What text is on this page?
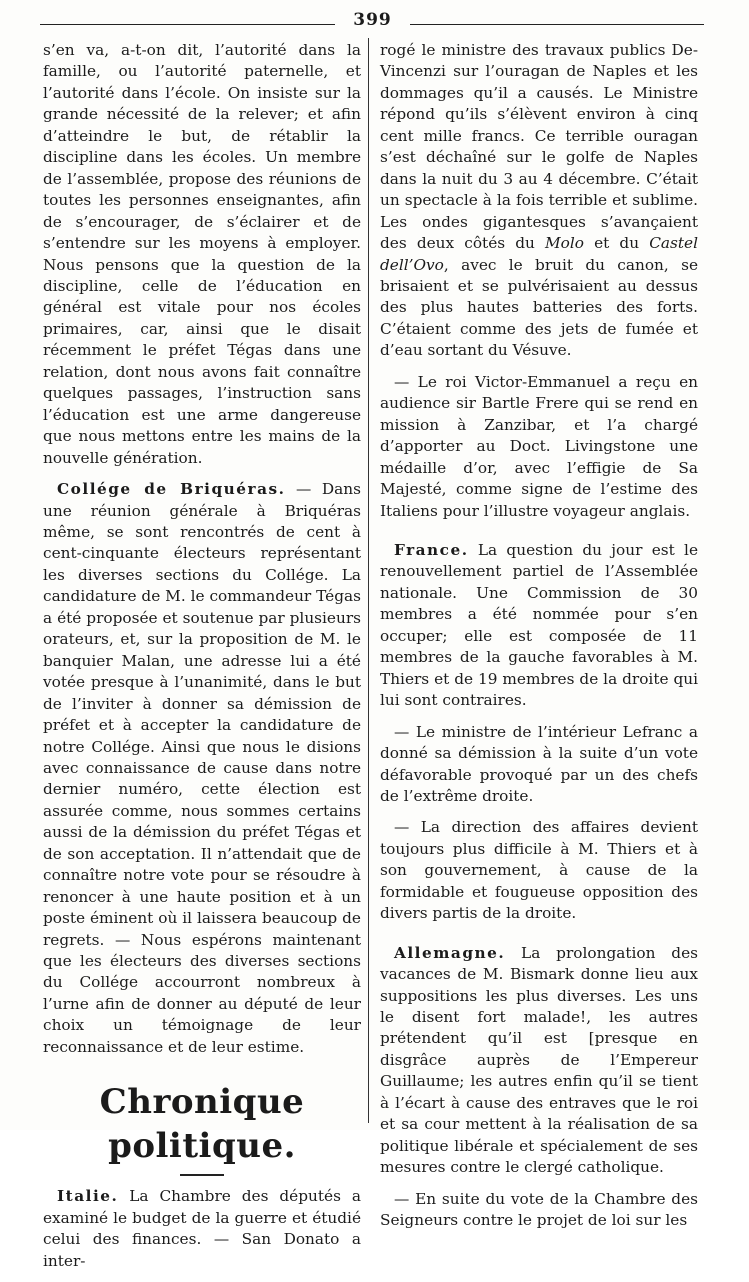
399

s’en va, a-t-on dit, l’autorité dans la famille, ou l’autorité paternelle, et l’autorité dans l’école. On insiste sur la grande nécessité de la relever; et afin d’atteindre le but, de rétablir la discipline dans les écoles. Un membre de l’assemblée, propose des réunions de toutes les personnes enseignantes, afin de s’encourager, de s’éclairer et de s’entendre sur les moyens à employer. Nous pensons que la question de la discipline, celle de l’éducation en général est vitale pour nos écoles primaires, car, ainsi que le disait récemment le préfet Tégas dans une relation, dont nous avons fait connaître quelques passages, l’instruction sans l’éducation est une arme dangereuse que nous mettons entre les mains de la nouvelle génération.

Collége de Briquéras. — Dans une réunion générale à Briquéras même, se sont rencontrés de cent à cent-cinquante électeurs représentant les diverses sections du Collége. La candidature de M. le commandeur Tégas a été proposée et soutenue par plusieurs orateurs, et, sur la proposition de M. le banquier Malan, une adresse lui a été votée presque à l’unanimité, dans le but de l’inviter à donner sa démission de préfet et à accepter la candidature de notre Collége. Ainsi que nous le disions avec connaissance de cause dans notre dernier numéro, cette élection est assurée comme, nous sommes certains aussi de la démission du préfet Tégas et de son acceptation. Il n’attendait que de connaître notre vote pour se résoudre à renoncer à une haute position et à un poste éminent où il laissera beaucoup de regrets. — Nous espérons maintenant que les électeurs des diverses sections du Collége accourront nombreux à l’urne afin de donner au député de leur choix un témoignage de leur reconnaissance et de leur estime.

Chronique politique.

Italie. La Chambre des députés a examiné le budget de la guerre et étudié celui des finances. — San Donato a inter-

rogé le ministre des travaux publics De-Vincenzi sur l’ouragan de Naples et les dommages qu’il a causés. Le Ministre répond qu’ils s’élèvent environ à cinq cent mille francs. Ce terrible ouragan s’est déchaîné sur le golfe de Naples dans la nuit du 3 au 4 décembre. C’était un spectacle à la fois terrible et sublime. Les ondes gigantesques s’avançaient des deux côtés du Molo et du Castel dell’Ovo, avec le bruit du canon, se brisaient et se pulvérisaient au dessus des plus hautes batteries des forts. C’étaient comme des jets de fumée et d’eau sortant du Vésuve.

— Le roi Victor-Emmanuel a reçu en audience sir Bartle Frere qui se rend en mission à Zanzibar, et l’a chargé d’apporter au Doct. Livingstone une médaille d’or, avec l’effigie de Sa Majesté, comme signe de l’estime des Italiens pour l’illustre voyageur anglais.

France. La question du jour est le renouvellement partiel de l’Assemblée nationale. Une Commission de 30 membres a été nommée pour s’en occuper; elle est composée de 11 membres de la gauche favorables à M. Thiers et de 19 membres de la droite qui lui sont contraires.

— Le ministre de l’intérieur Lefranc a donné sa démission à la suite d’un vote défavorable provoqué par un des chefs de l’extrême droite.

— La direction des affaires devient toujours plus difficile à M. Thiers et à son gouvernement, à cause de la formidable et fougueuse opposition des divers partis de la droite.

Allemagne. La prolongation des vacances de M. Bismark donne lieu aux suppositions les plus diverses. Les uns le disent fort malade!, les autres prétendent qu’il est [presque en disgrâce auprès de l’Empereur Guillaume; les autres enfin qu’il se tient à l’écart à cause des entraves que le roi et sa cour mettent à la réalisation de sa politique libérale et spécialement de ses mesures contre le clergé catholique.

— En suite du vote de la Chambre des Seigneurs contre le projet de loi sur les
